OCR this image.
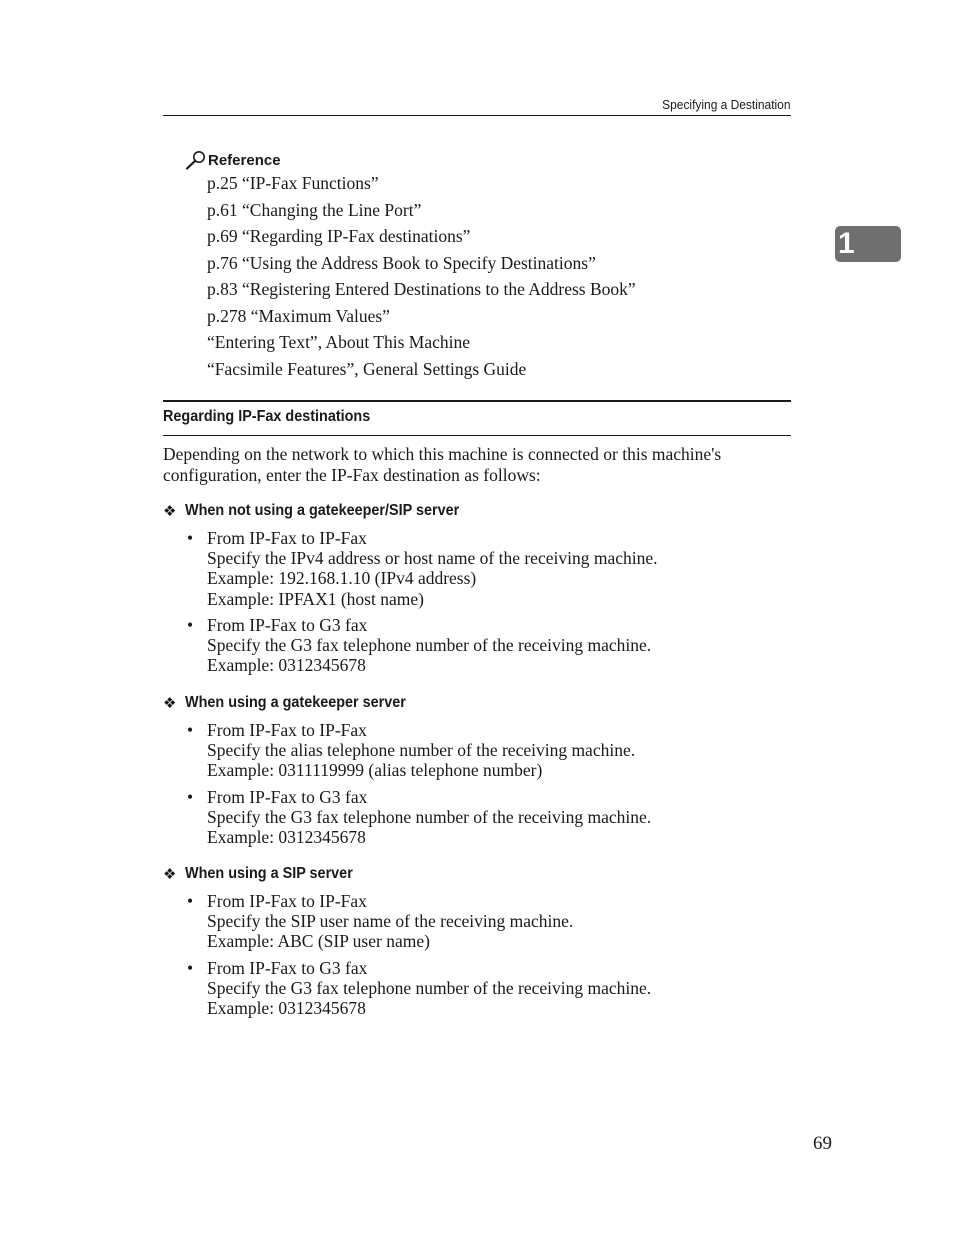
Specifying a Destination
1
Reference
p.25 “IP-Fax Functions”
p.61 “Changing the Line Port”
p.69 “Regarding IP-Fax destinations”
p.76 “Using the Address Book to Specify Destinations”
p.83 “Registering Entered Destinations to the Address Book”
p.278 “Maximum Values”
“Entering Text”, About This Machine
“Facsimile Features”, General Settings Guide
Regarding IP-Fax destinations
Depending on the network to which this machine is connected or this machine's configuration, enter the IP-Fax destination as follows:
❖ When not using a gatekeeper/SIP server
• From IP-Fax to IP-Fax
Specify the IPv4 address or host name of the receiving machine.
Example: 192.168.1.10 (IPv4 address)
Example: IPFAX1 (host name)
• From IP-Fax to G3 fax
Specify the G3 fax telephone number of the receiving machine.
Example: 0312345678
❖ When using a gatekeeper server
• From IP-Fax to IP-Fax
Specify the alias telephone number of the receiving machine.
Example: 0311119999 (alias telephone number)
• From IP-Fax to G3 fax
Specify the G3 fax telephone number of the receiving machine.
Example: 0312345678
❖ When using a SIP server
• From IP-Fax to IP-Fax
Specify the SIP user name of the receiving machine.
Example: ABC (SIP user name)
• From IP-Fax to G3 fax
Specify the G3 fax telephone number of the receiving machine.
Example: 0312345678
69
